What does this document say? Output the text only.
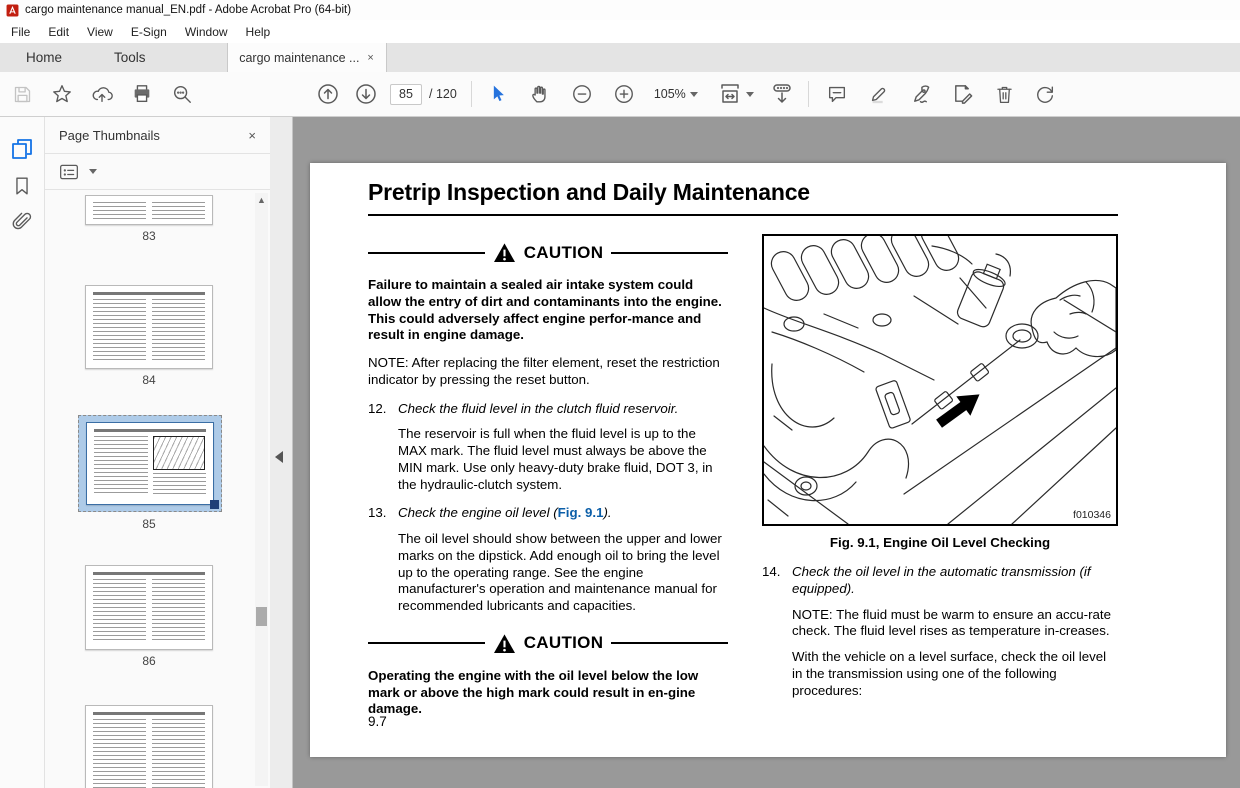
cargo maintenance manual_EN.pdf - Adobe Acrobat Pro (64-bit)
File	Edit	View	E-Sign	Window	Help
Home	Tools	cargo maintenance ... ×
85
/ 120	105%
Page Thumbnails	×
83
84
85
86
▲	Pretrip Inspection and Daily Maintenance
CAUTION

Failure to maintain a sealed air intake system could allow the entry of dirt and contaminants into the engine. This could adversely affect engine perfor-mance and result in engine damage.

NOTE: After replacing the filter element, reset the restriction indicator by pressing the reset button.

12. Check the fluid level in the clutch fluid reservoir.

The reservoir is full when the fluid level is up to the MAX mark. The fluid level must always be above the MIN mark. Use only heavy-duty brake fluid, DOT 3, in the hydraulic-clutch system.

13. Check the engine oil level (Fig. 9.1).

The oil level should show between the upper and lower marks on the dipstick. Add enough oil to bring the level up to the operating range. See the engine manufacturer's operation and maintenance manual for recommended lubricants and capacities.

CAUTION

Operating the engine with the oil level below the low mark or above the high mark could result in en-gine damage.

f010346
Fig. 9.1, Engine Oil Level Checking
14. Check the oil level in the automatic transmission (if equipped).

NOTE: The fluid must be warm to ensure an accu-rate check. The fluid level rises as temperature in-creases.

With the vehicle on a level surface, check the oil level in the transmission using one of the following procedures:

9.7
